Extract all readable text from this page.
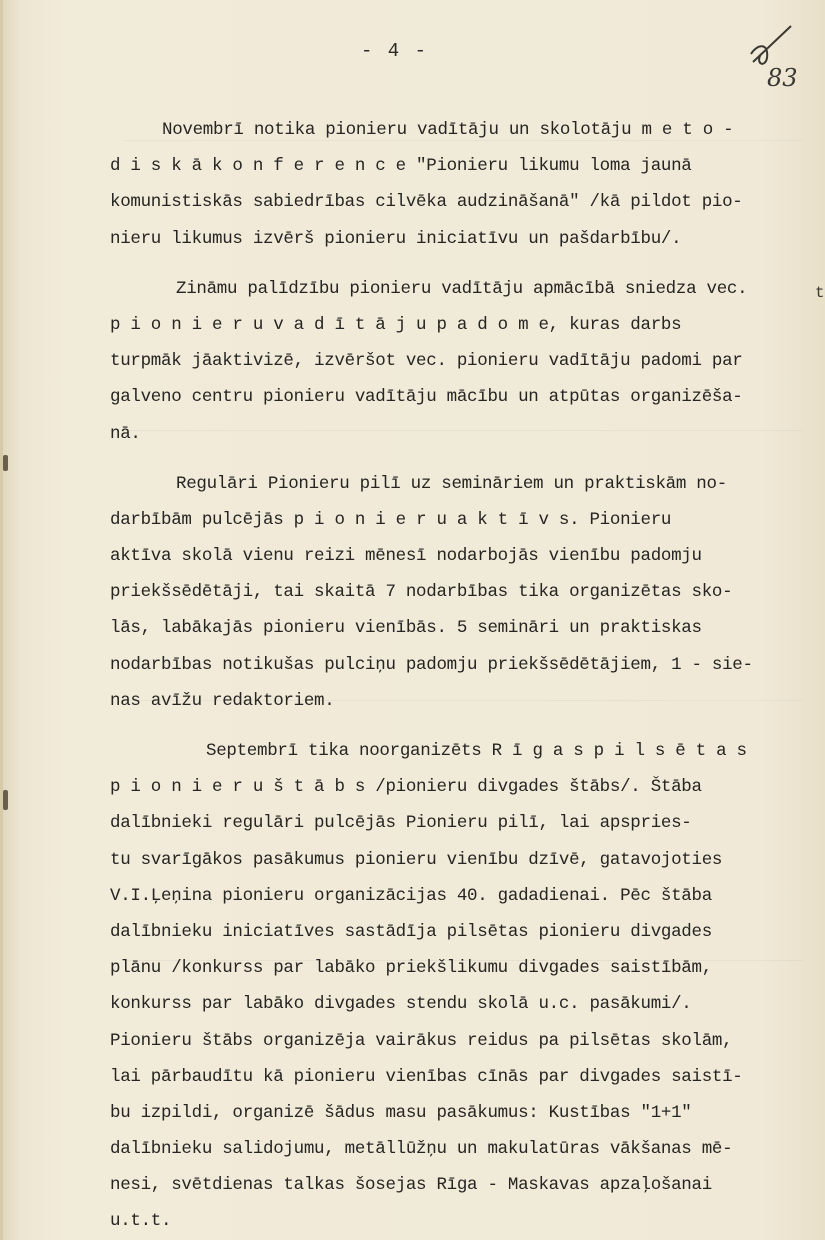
- 4 -
83
t
Novembrī notika pionieru vadītāju un skolotāju m e t o -
d i s k ā k o n f e r e n c e "Pionieru likumu loma jaunā
komunistiskās sabiedrības cilvēka audzināšanā" /kā pildot pio-
nieru likumus izvērš pionieru iniciatīvu un pašdarbību/.
Zināmu palīdzību pionieru vadītāju apmācībā sniedza vec.
p i o n i e r u v a d ī t ā j u p a d o m e, kuras darbs
turpmāk jāaktivizē, izvēršot vec. pionieru vadītāju padomi par
galveno centru pionieru vadītāju mācību un atpūtas organizēša-
nā.
Regulāri Pionieru pilī uz semināriem un praktiskām no-
darbībām pulcējās p i o n i e r u a k t ī v s. Pionieru
aktīva skolā vienu reizi mēnesī nodarbojās vienību padomju
priekšsēdētāji, tai skaitā 7 nodarbības tika organizētas sko-
lās, labākajās pionieru vienībās. 5 semināri un praktiskas
nodarbības notikušas pulciņu padomju priekšsēdētājiem, 1 - sie-
nas avīžu redaktoriem.
Septembrī tika noorganizēts R ī g a s p i l s ē t a s
p i o n i e r u š t ā b s /pionieru divgades štābs/. Štāba
dalībnieki regulāri pulcējās Pionieru pilī, lai apspries-
tu svarīgākos pasākumus pionieru vienību dzīvē, gatavojoties
V.I.Ļeņina pionieru organizācijas 40. gadadienai. Pēc štāba
dalībnieku iniciatīves sastādīja pilsētas pionieru divgades
plānu /konkurss par labāko priekšlikumu divgades saistībām,
konkurss par labāko divgades stendu skolā u.c. pasākumi/.
Pionieru štābs organizēja vairākus reidus pa pilsētas skolām,
lai pārbaudītu kā pionieru vienības cīnās par divgades saistī-
bu izpildi, organizē šādus masu pasākumus: Kustības "1+1"
dalībnieku salidojumu, metāllūžņu un makulatūras vākšanas mē-
nesi, svētdienas talkas šosejas Rīga - Maskavas apzaļošanai
u.t.t.
